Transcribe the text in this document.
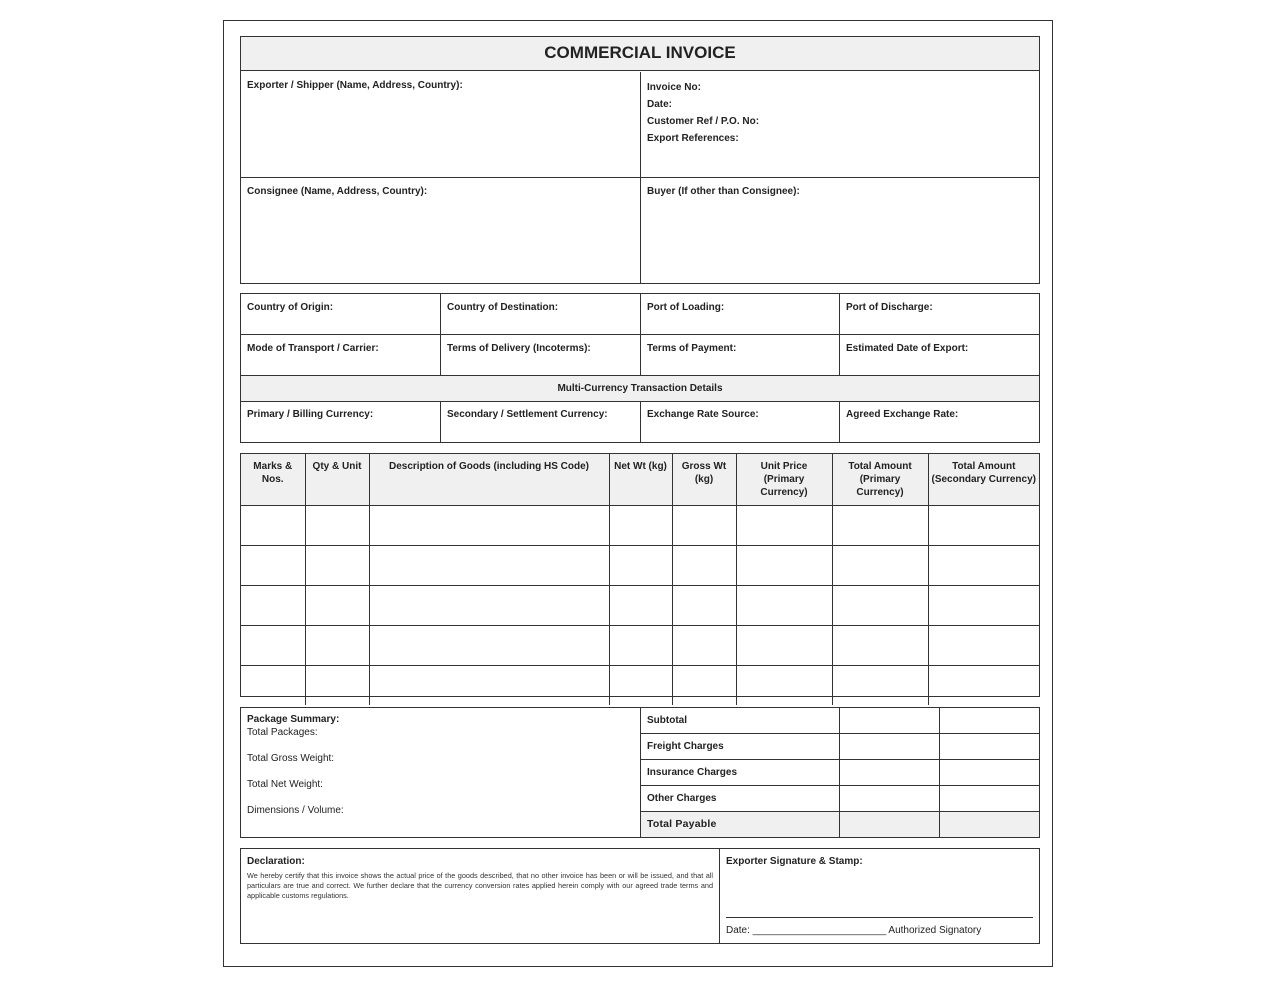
COMMERCIAL INVOICE
Exporter / Shipper (Name, Address, Country):	Invoice No:
Date:
Customer Ref / P.O. No:
Export References:
Consignee (Name, Address, Country):	Buyer (If other than Consignee):
Country of Origin:	Country of Destination:	Port of Loading:	Port of Discharge:
Mode of Transport / Carrier:	Terms of Delivery (Incoterms):	Terms of Payment:	Estimated Date of Export:
Multi-Currency Transaction Details
Primary / Billing Currency:	Secondary / Settlement Currency:	Exchange Rate Source:	Agreed Exchange Rate:
Marks & Nos.	Qty & Unit	Description of Goods (including HS Code)	Net Wt (kg)	Gross Wt (kg)	Unit Price (Primary Currency)	Total Amount (Primary Currency)	Total Amount (Secondary Currency)

Package Summary:
Total Packages:
Total Gross Weight:
Total Net Weight:
Dimensions / Volume:
Subtotal
Freight Charges
Insurance Charges
Other Charges
Total Payable
Declaration:
We hereby certify that this invoice shows the actual price of the goods described, that no other invoice has been or will be issued, and that all particulars are true and correct. We further declare that the currency conversion rates applied herein comply with our agreed trade terms and applicable customs regulations.
Exporter Signature & Stamp:
Date: ________________________ Authorized Signatory
